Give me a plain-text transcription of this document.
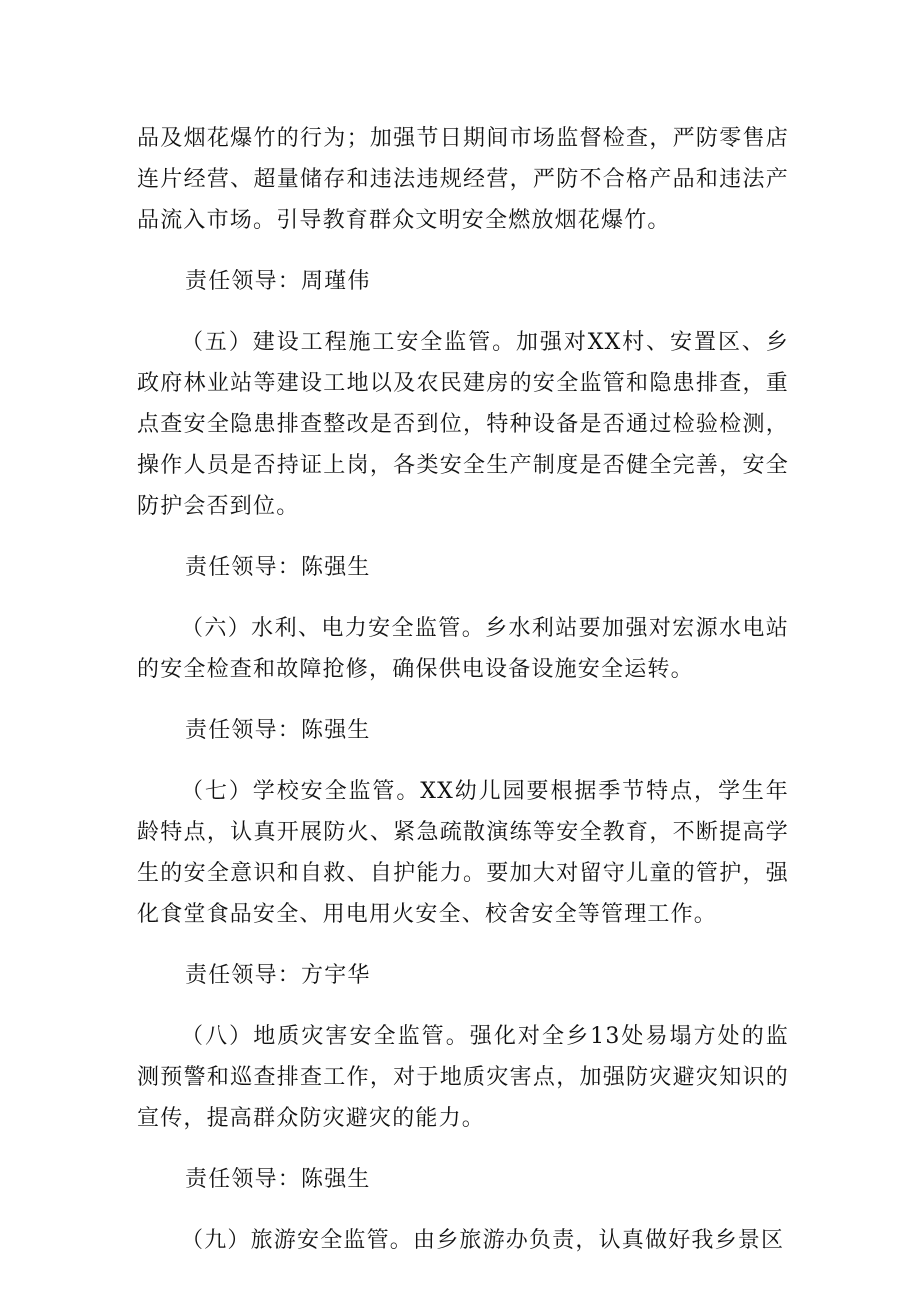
品及烟花爆竹的行为；加强节日期间市场监督检查，严防零售店连片经营、超量储存和违法违规经营，严防不合格产品和违法产品流入市场。引导教育群众文明安全燃放烟花爆竹。

责任领导：周瑾伟

（五）建设工程施工安全监管。加强对XX村、安置区、乡政府林业站等建设工地以及农民建房的安全监管和隐患排查，重点查安全隐患排查整改是否到位，特种设备是否通过检验检测，操作人员是否持证上岗，各类安全生产制度是否健全完善，安全防护会否到位。

责任领导：陈强生

（六）水利、电力安全监管。乡水利站要加强对宏源水电站的安全检查和故障抢修，确保供电设备设施安全运转。

责任领导：陈强生

（七）学校安全监管。XX幼儿园要根据季节特点，学生年龄特点，认真开展防火、紧急疏散演练等安全教育，不断提高学生的安全意识和自救、自护能力。要加大对留守儿童的管护，强化食堂食品安全、用电用火安全、校舍安全等管理工作。

责任领导：方宇华

（八）地质灾害安全监管。强化对全乡13处易塌方处的监测预警和巡查排查工作，对于地质灾害点，加强防灾避灾知识的宣传，提高群众防灾避灾的能力。

责任领导：陈强生

（九）旅游安全监管。由乡旅游办负责，认真做好我乡景区
